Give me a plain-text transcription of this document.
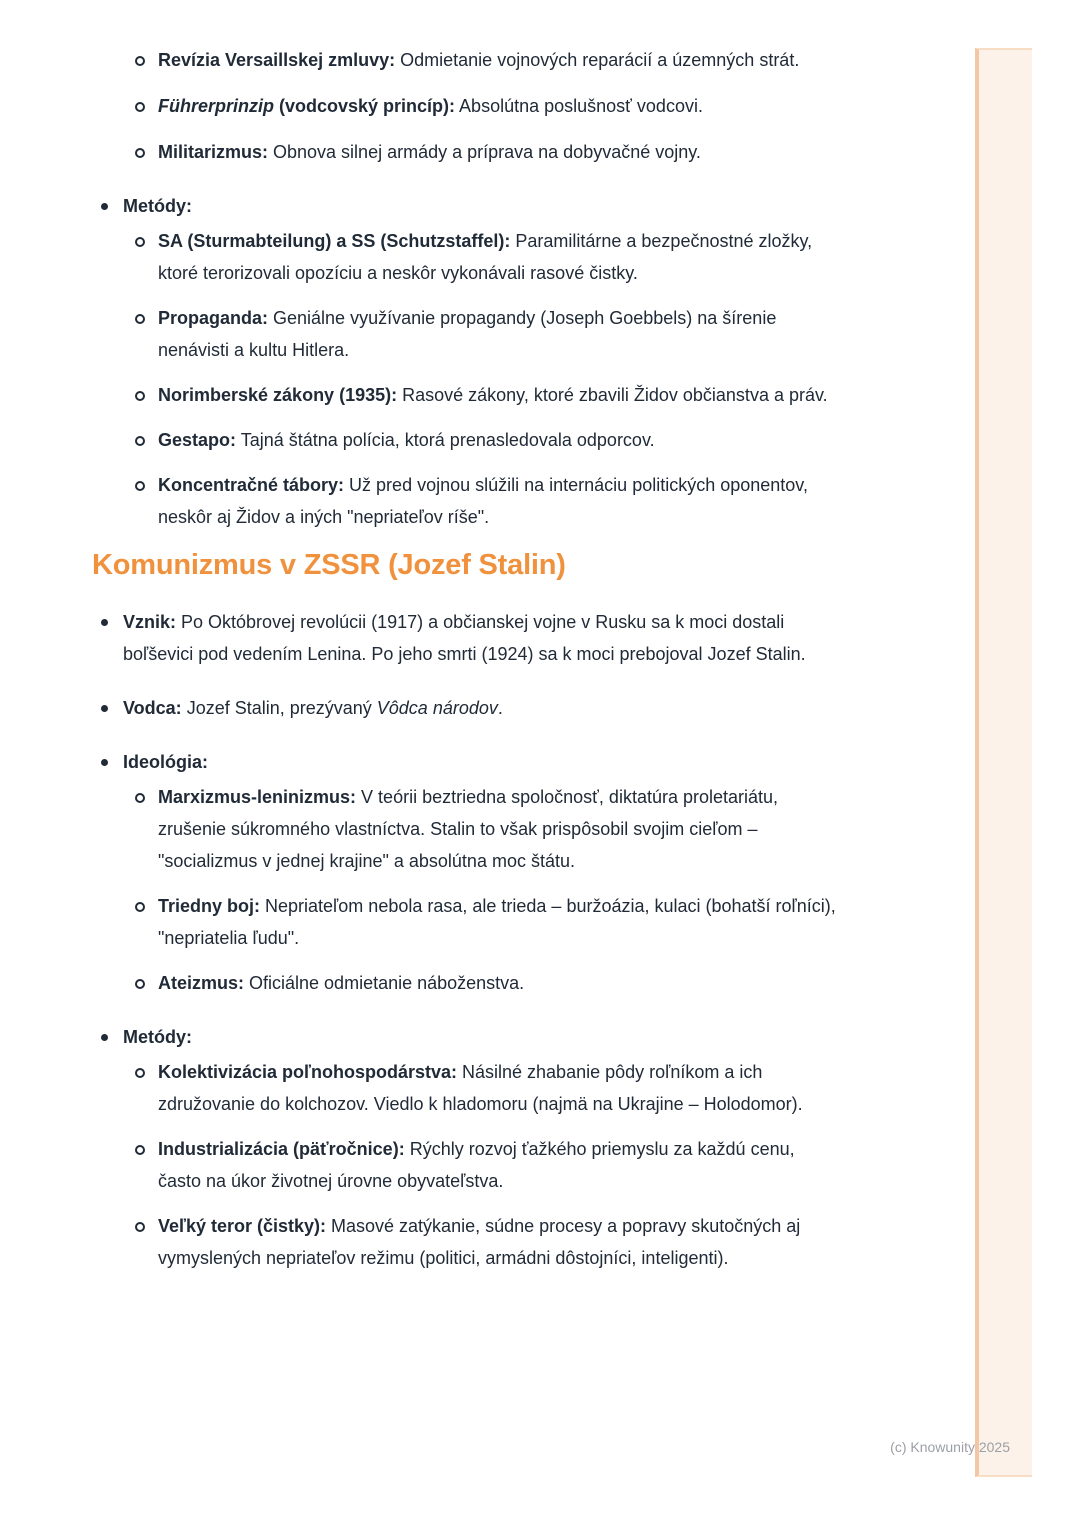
Revízia Versaillskej zmluvy: Odmietanie vojnových reparácií a územných strát.
Führerprinzip (vodcovský princíp): Absolútna poslušnosť vodcovi.
Militarizmus: Obnova silnej armády a príprava na dobyvačné vojny.
Metódy:
SA (Sturmabteilung) a SS (Schutzstaffel): Paramilitárne a bezpečnostné zložky, ktoré terorizovali opozíciu a neskôr vykonávali rasové čistky.
Propaganda: Geniálne využívanie propagandy (Joseph Goebbels) na šírenie nenávisti a kultu Hitlera.
Norimberské zákony (1935): Rasové zákony, ktoré zbavili Židov občianstva a práv.
Gestapo: Tajná štátna polícia, ktorá prenasledovala odporcov.
Koncentračné tábory: Už pred vojnou slúžili na internáciu politických oponentov, neskôr aj Židov a iných "nepriateľov ríše".
Komunizmus v ZSSR (Jozef Stalin)
Vznik: Po Októbrovej revolúcii (1917) a občianskej vojne v Rusku sa k moci dostali boľševici pod vedením Lenina. Po jeho smrti (1924) sa k moci prebojoval Jozef Stalin.
Vodca: Jozef Stalin, prezývaný Vôdca národov.
Ideológia:
Marxizmus-leninizmus: V teórii beztriedna spoločnosť, diktatúra proletariátu, zrušenie súkromného vlastníctva. Stalin to však prispôsobil svojim cieľom – "socializmus v jednej krajine" a absolútna moc štátu.
Triedny boj: Nepriateľom nebola rasa, ale trieda – buržoázia, kulaci (bohatší roľníci), "nepriatelia ľudu".
Ateizmus: Oficiálne odmietanie náboženstva.
Metódy:
Kolektivizácia poľnohospodárstva: Násilné zhabanie pôdy roľníkom a ich združovanie do kolchozov. Viedlo k hladomoru (najmä na Ukrajine – Holodomor).
Industrializácia (päťročnice): Rýchly rozvoj ťažkého priemyslu za každú cenu, často na úkor životnej úrovne obyvateľstva.
Veľký teror (čistky): Masové zatýkanie, súdne procesy a popravy skutočných aj vymyslených nepriateľov režimu (politici, armádni dôstojníci, inteligenti).
(c) Knowunity 2025
